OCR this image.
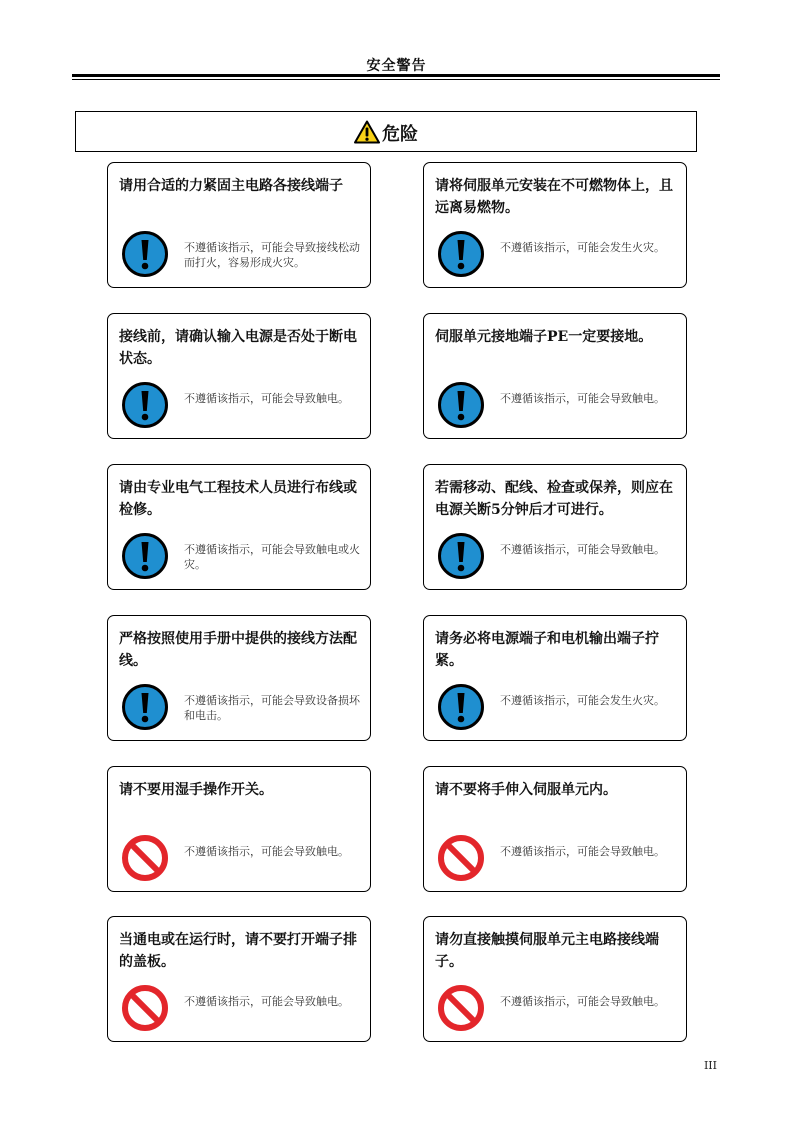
安全警告
危险
请用合适的力紧固主电路各接线端子
不遵循该指示，可能会导致接线松动而打火，容易形成火灾。
请将伺服单元安装在不可燃物体上，且远离易燃物。
不遵循该指示，可能会发生火灾。
接线前，请确认输入电源是否处于断电状态。
不遵循该指示，可能会导致触电。
伺服单元接地端子PE一定要接地。
不遵循该指示，可能会导致触电。
请由专业电气工程技术人员进行布线或检修。
不遵循该指示，可能会导致触电或火灾。
若需移动、配线、检查或保养，则应在电源关断5分钟后才可进行。
不遵循该指示，可能会导致触电。
严格按照使用手册中提供的接线方法配线。
不遵循该指示，可能会导致设备损坏和电击。
请务必将电源端子和电机输出端子拧紧。
不遵循该指示，可能会发生火灾。
请不要用湿手操作开关。
不遵循该指示，可能会导致触电。
请不要将手伸入伺服单元内。
不遵循该指示，可能会导致触电。
当通电或在运行时，请不要打开端子排的盖板。
不遵循该指示，可能会导致触电。
请勿直接触摸伺服单元主电路接线端子。
不遵循该指示，可能会导致触电。
III
